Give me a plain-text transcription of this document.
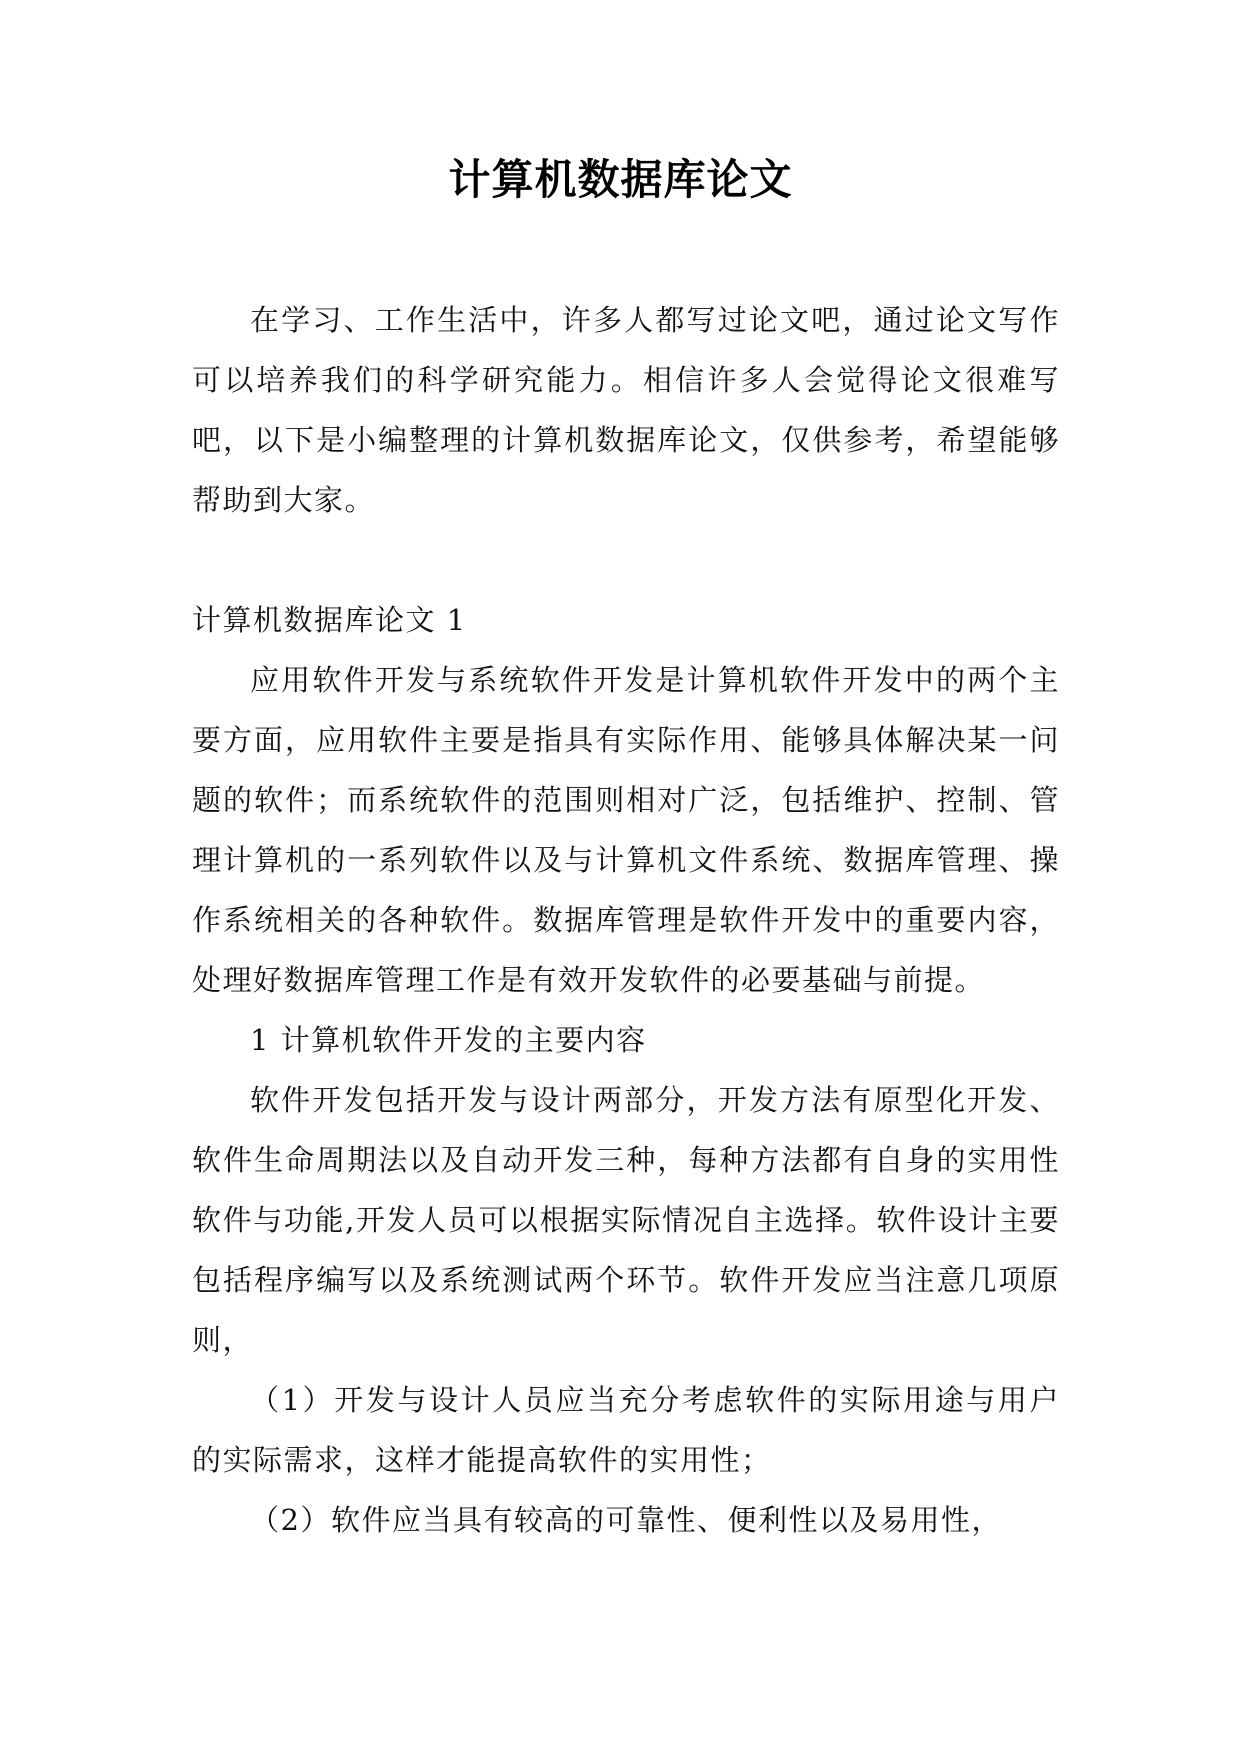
计算机数据库论文

在学习、工作生活中，许多人都写过论文吧，通过论文写作可以培养我们的科学研究能力。相信许多人会觉得论文很难写吧，以下是小编整理的计算机数据库论文，仅供参考，希望能够帮助到大家。

计算机数据库论文 1

应用软件开发与系统软件开发是计算机软件开发中的两个主要方面，应用软件主要是指具有实际作用、能够具体解决某一问题的软件；而系统软件的范围则相对广泛，包括维护、控制、管理计算机的一系列软件以及与计算机文件系统、数据库管理、操作系统相关的各种软件。数据库管理是软件开发中的重要内容，处理好数据库管理工作是有效开发软件的必要基础与前提。

1 计算机软件开发的主要内容

软件开发包括开发与设计两部分，开发方法有原型化开发、软件生命周期法以及自动开发三种，每种方法都有自身的实用性软件与功能,开发人员可以根据实际情况自主选择。软件设计主要包括程序编写以及系统测试两个环节。软件开发应当注意几项原则，

（1）开发与设计人员应当充分考虑软件的实际用途与用户的实际需求，这样才能提高软件的实用性；

（2）软件应当具有较高的可靠性、便利性以及易用性，
